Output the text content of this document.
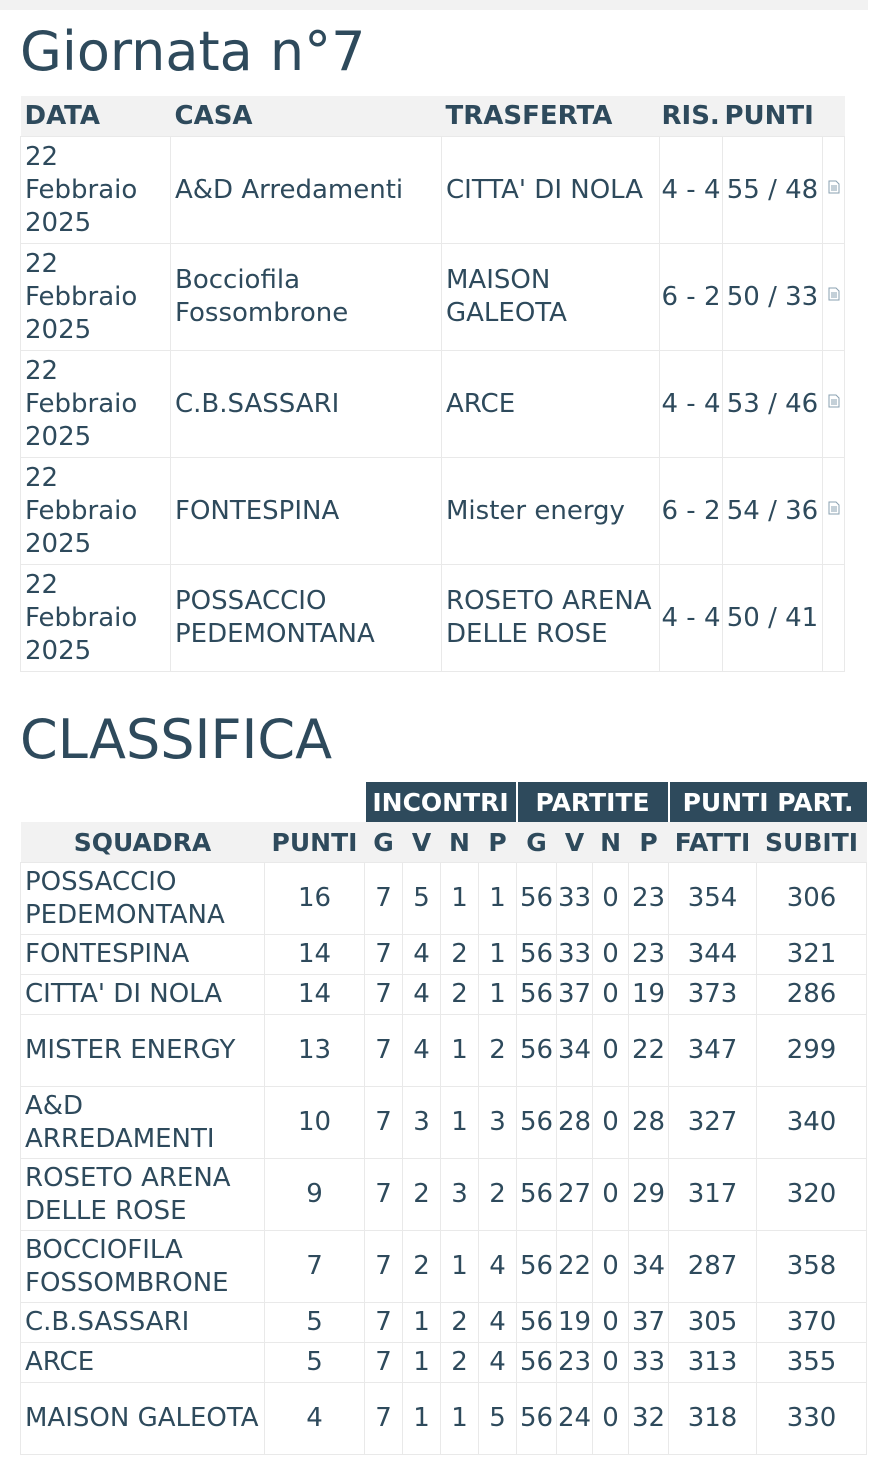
Giornata n°7
DATA	CASA	TRASFERTA	RIS.	PUNTI	
22 Febbraio 2025	A&D Arredamenti	CITTA' DI NOLA	4 - 4	55 / 48	
22 Febbraio 2025	Bocciofila Fossombrone	MAISON GALEOTA	6 - 2	50 / 33	
22 Febbraio 2025	C.B.SASSARI	ARCE	4 - 4	53 / 46	
22 Febbraio 2025	FONTESPINA	Mister energy	6 - 2	54 / 36	
22 Febbraio 2025	POSSACCIO PEDEMONTANA	ROSETO ARENA DELLE ROSE	4 - 4	50 / 41	
CLASSIFICA
		INCONTRI				PARTITE				PUNTI PART.	
SQUADRA	PUNTI	G	V	N	P	G	V	N	P	FATTI	SUBITI
POSSACCIO PEDEMONTANA	16	7	5	1	1	56	33	0	23	354	306
FONTESPINA	14	7	4	2	1	56	33	0	23	344	321
CITTA' DI NOLA	14	7	4	2	1	56	37	0	19	373	286
MISTER ENERGY	13	7	4	1	2	56	34	0	22	347	299
A&D ARREDAMENTI	10	7	3	1	3	56	28	0	28	327	340
ROSETO ARENA DELLE ROSE	9	7	2	3	2	56	27	0	29	317	320
BOCCIOFILA FOSSOMBRONE	7	7	2	1	4	56	22	0	34	287	358
C.B.SASSARI	5	7	1	2	4	56	19	0	37	305	370
ARCE	5	7	1	2	4	56	23	0	33	313	355
MAISON GALEOTA	4	7	1	1	5	56	24	0	32	318	330
